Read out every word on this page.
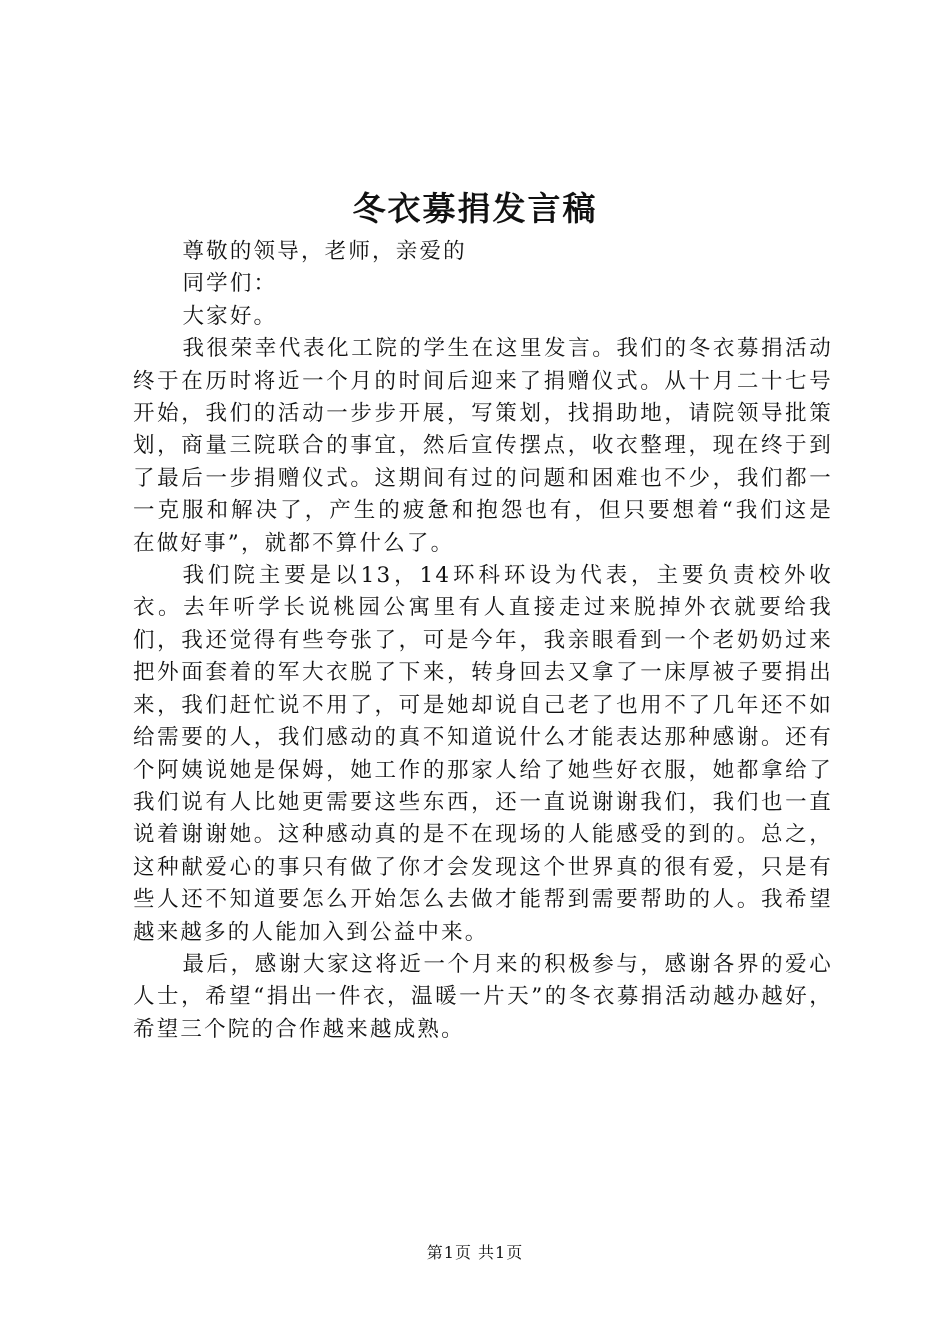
冬衣募捐发言稿

尊敬的领导，老师，亲爱的

同学们：

大家好。

我很荣幸代表化工院的学生在这里发言。我们的冬衣募捐活动终于在历时将近一个月的时间后迎来了捐赠仪式。从十月二十七号开始，我们的活动一步步开展，写策划，找捐助地，请院领导批策划，商量三院联合的事宜，然后宣传摆点，收衣整理，现在终于到了最后一步捐赠仪式。这期间有过的问题和困难也不少，我们都一一克服和解决了，产生的疲惫和抱怨也有，但只要想着“我们这是在做好事”，就都不算什么了。

我们院主要是以13，14环科环设为代表，主要负责校外收衣。去年听学长说桃园公寓里有人直接走过来脱掉外衣就要给我们，我还觉得有些夸张了，可是今年，我亲眼看到一个老奶奶过来把外面套着的军大衣脱了下来，转身回去又拿了一床厚被子要捐出来，我们赶忙说不用了，可是她却说自己老了也用不了几年还不如给需要的人，我们感动的真不知道说什么才能表达那种感谢。还有个阿姨说她是保姆，她工作的那家人给了她些好衣服，她都拿给了我们说有人比她更需要这些东西，还一直说谢谢我们，我们也一直说着谢谢她。这种感动真的是不在现场的人能感受的到的。总之，这种献爱心的事只有做了你才会发现这个世界真的很有爱，只是有些人还不知道要怎么开始怎么去做才能帮到需要帮助的人。我希望越来越多的人能加入到公益中来。

最后，感谢大家这将近一个月来的积极参与，感谢各界的爱心人士，希望“捐出一件衣，温暖一片天”的冬衣募捐活动越办越好，希望三个院的合作越来越成熟。

第1页 共1页
